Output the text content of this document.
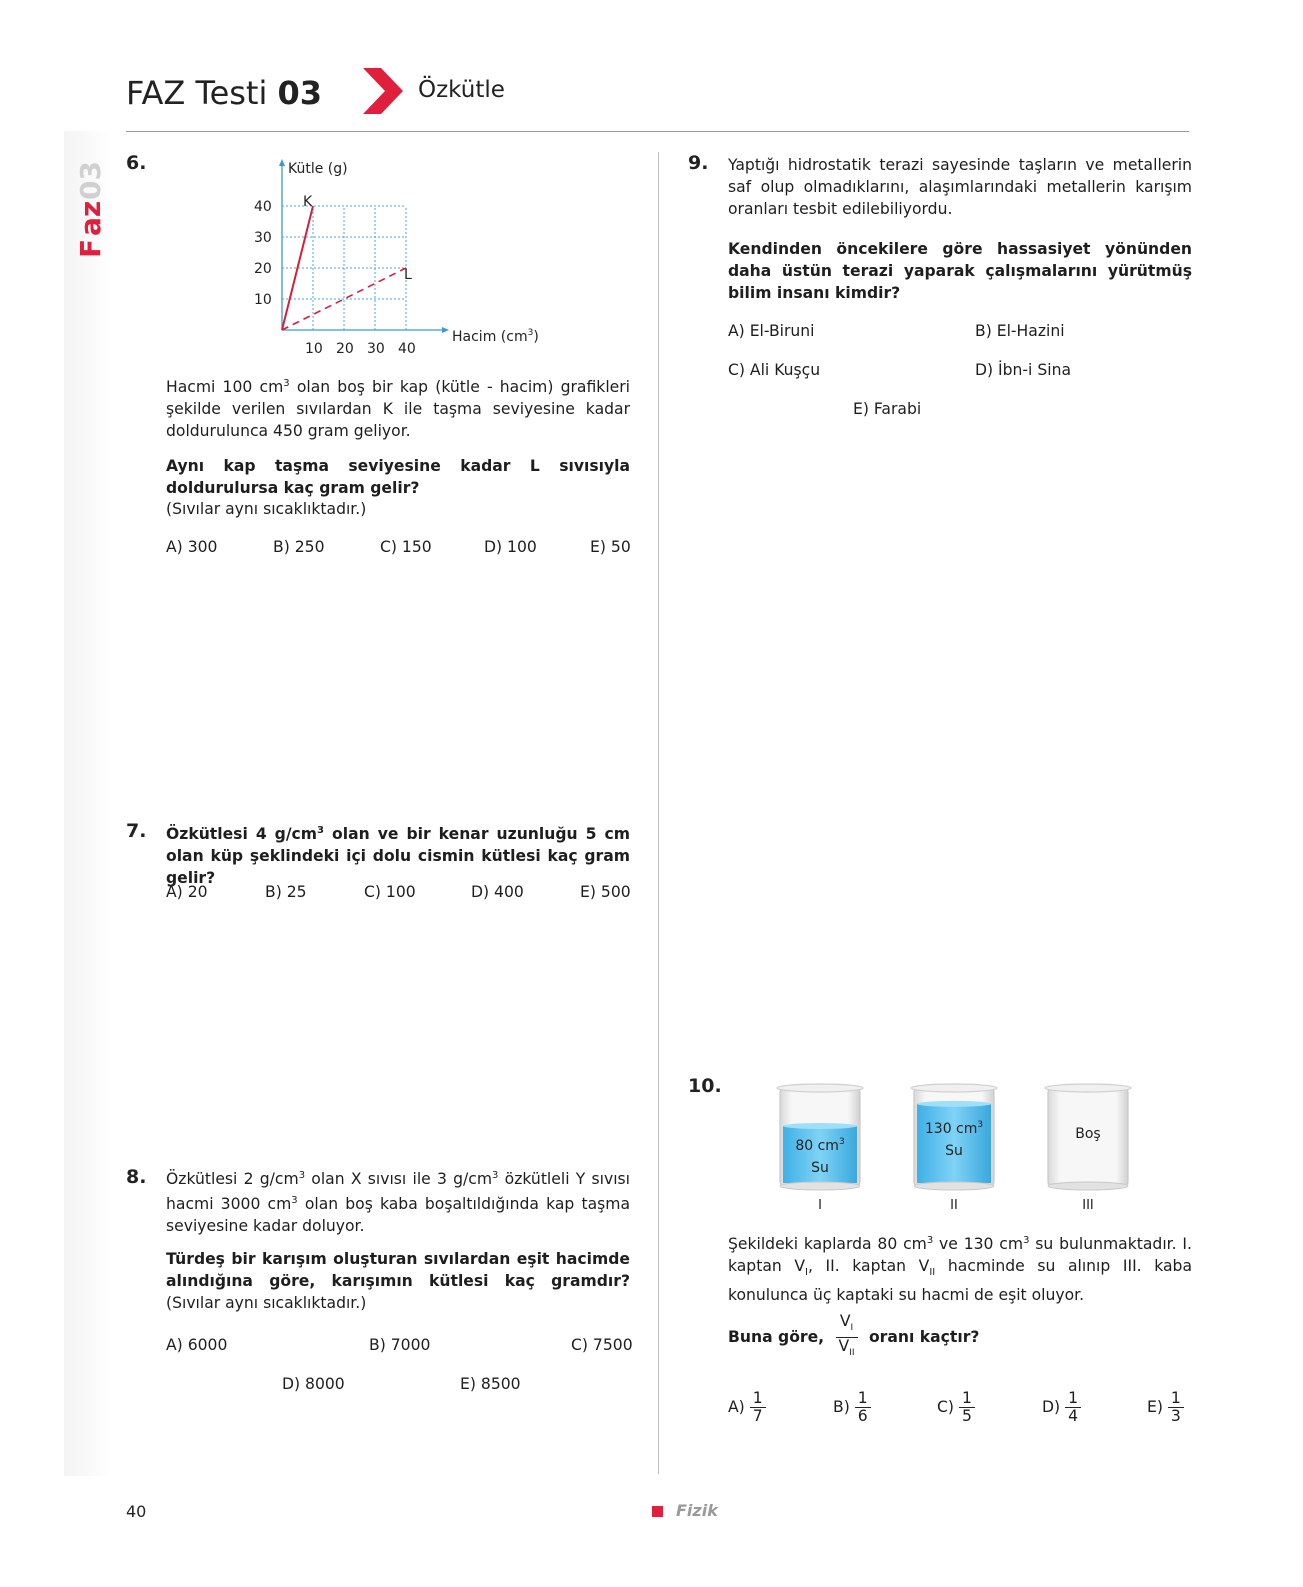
F
az
03
FAZ Testi 03	Özkütle
6.	Kütle (g)
Hacim $(cm^3)$
40
30
20
10
10 20 30 40
K
L
Hacmi 100 $cm^3$ olan boş bir kap (kütle - hacim) grafikleri şekilde verilen sıvılardan K ile taşma seviyesine kadar doldurulunca 450 gram geliyor.
Aynı kap taşma seviyesine kadar L sıvısıyla doldurulursa kaç gram gelir?
(Sıvılar aynı sıcaklıktadır.)
A) 300	B) 250	C) 150	D) 100	E) 50
7. Özkütlesi 4 $g/cm^3$ olan ve bir kenar uzunluğu 5 cm olan küp şeklindeki içi dolu cismin kütlesi kaç gram gelir?
A) 20	B) 25	C) 100	D) 400	E) 500
8. Özkütlesi 2 $g/cm^3$ olan X sıvısı ile 3 $g/cm^3$ özkütleli Y sıvısı hacmi 3000 $cm^3$ olan boş kaba boşaltıldığında kap taşma seviyesine kadar doluyor.
Türdeş bir karışım oluşturan sıvılardan eşit hacimde alındığına göre, karışımın kütlesi kaç gramdır? (Sıvılar aynı sıcaklıktadır.)
A) 6000	B) 7000	C) 7500
D) 8000	E) 8500
9. Yaptığı hidrostatik terazi sayesinde taşların ve metallerin saf olup olmadıklarını, alaşımlarındaki metallerin karışım oranları tesbit edilebiliyordu.
Kendinden öncekilere göre hassasiyet yönünden daha üstün terazi yaparak çalışmalarını yürütmüş bilim insanı kimdir?
A) El-Biruni	B) El-Hazini
C) Ali Kuşçu	D) İbn-i Sina
E) Farabi
10.
80 $cm^3$
Su
I
130 $cm^3$
Su
II
Boş
III
Şekildeki kaplarda 80 $cm^3$ ve 130 $cm^3$ su bulunmaktadır. I. kaptan $V_I$, II. kaptan $V_{II}$ hacminde su alınıp III. kaba konulunca üç kaptaki su hacmi de eşit oluyor.
Buna göre,
$V_I$
$V_{II}$
oranı kaçtır?
$A) \frac{1}{7}$	$B) \frac{1}{6}$	$C) \frac{1}{5}$	$D) \frac{1}{4}$	$E) \frac{1}{3}$
40	Fizik
